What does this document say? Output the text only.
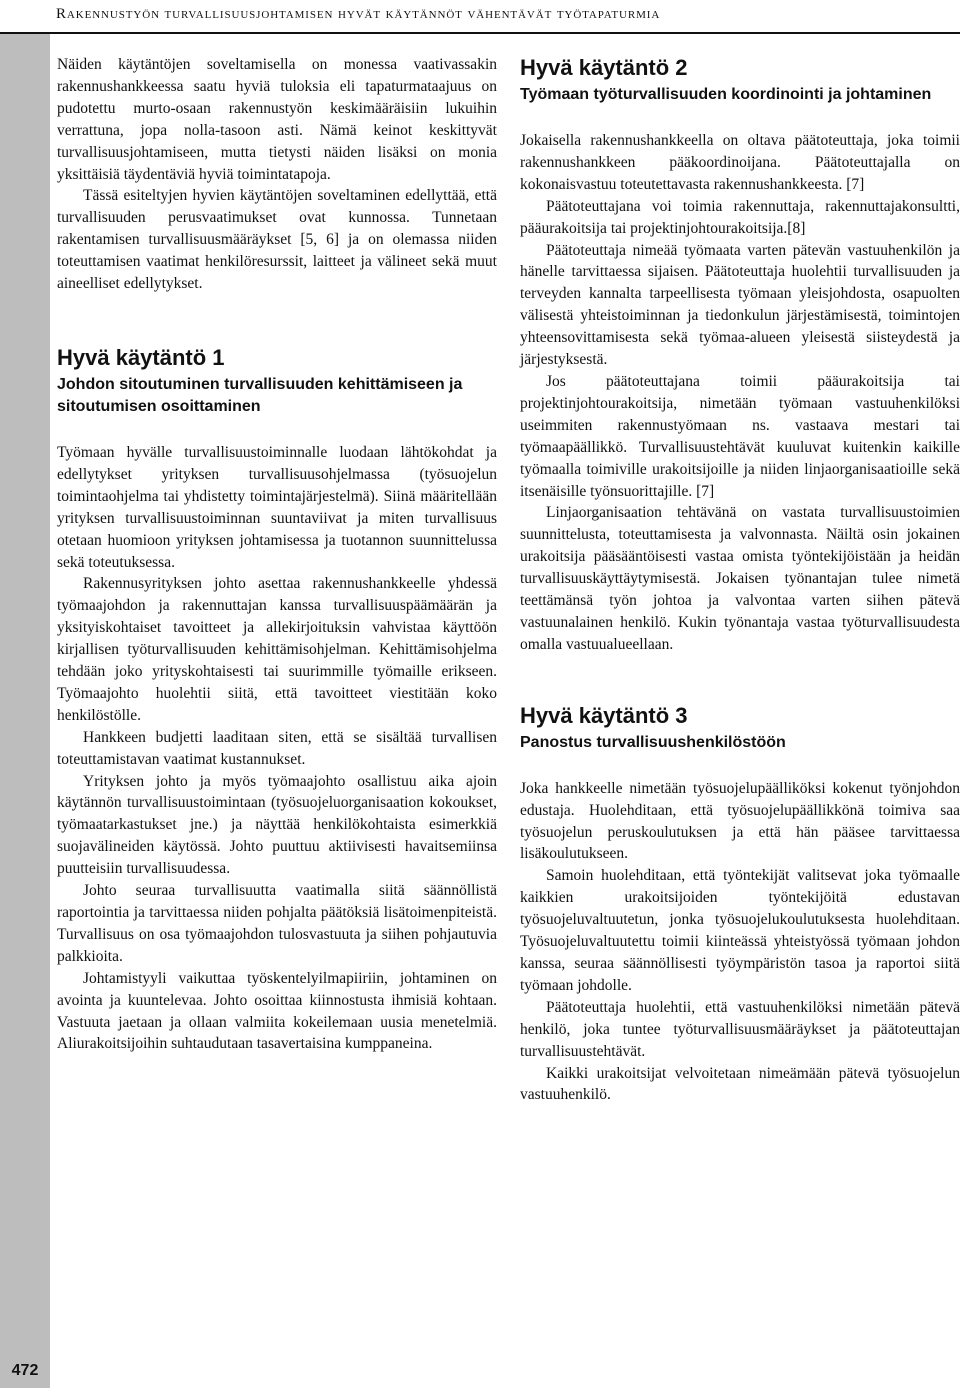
Rakennustyön turvallisuusjohtamisen hyvät käytännöt vähentävät työtapaturmia
472

Näiden käytäntöjen soveltamisella on monessa vaativassakin rakennushankkeessa saatu hyviä tuloksia eli tapaturmataajuus on pudotettu murto-osaan rakennustyön keskimääräisiin lukuihin verrattuna, jopa nolla-tasoon asti. Nämä keinot keskittyvät turvallisuusjohtamiseen, mutta tietysti näiden lisäksi on monia yksittäisiä täydentäviä hyviä toimintatapoja.

Tässä esiteltyjen hyvien käytäntöjen soveltaminen edellyttää, että turvallisuuden perusvaatimukset ovat kunnossa. Tunnetaan rakentamisen turvallisuusmääräykset [5, 6] ja on olemassa niiden toteuttamisen vaatimat henkilöresurssit, laitteet ja välineet sekä muut aineelliset edellytykset.

Hyvä käytäntö 1
Johdon sitoutuminen turvallisuuden kehittämiseen ja sitoutumisen osoittaminen

Työmaan hyvälle turvallisuustoiminnalle luodaan lähtökohdat ja edellytykset yrityksen turvallisuusohjelmassa (työsuojelun toimintaohjelma tai yhdistetty toimintajärjestelmä). Siinä määritellään yrityksen turvallisuustoiminnan suuntaviivat ja miten turvallisuus otetaan huomioon yrityksen johtamisessa ja tuotannon suunnittelussa sekä toteutuksessa.

Rakennusyrityksen johto asettaa rakennushankkeelle yhdessä työmaajohdon ja rakennuttajan kanssa turvallisuuspäämäärän ja yksityiskohtaiset tavoitteet ja allekirjoituksin vahvistaa käyttöön kirjallisen työturvallisuuden kehittämisohjelman. Kehittämisohjelma tehdään joko yrityskohtaisesti tai suurimmille työmaille erikseen. Työmaajohto huolehtii siitä, että tavoitteet viestitään koko henkilöstölle.

Hankkeen budjetti laaditaan siten, että se sisältää turvallisen toteuttamistavan vaatimat kustannukset.

Yrityksen johto ja myös työmaajohto osallistuu aika ajoin käytännön turvallisuustoimintaan (työsuojeluorganisaation kokoukset, työmaatarkastukset jne.) ja näyttää henkilökohtaista esimerkkiä suojavälineiden käytössä. Johto puuttuu aktiivisesti havaitsemiinsa puutteisiin turvallisuudessa.

Johto seuraa turvallisuutta vaatimalla siitä säännöllistä raportointia ja tarvittaessa niiden pohjalta päätöksiä lisätoimenpiteistä. Turvallisuus on osa työmaajohdon tulosvastuuta ja siihen pohjautuvia palkkioita.

Johtamistyyli vaikuttaa työskentelyilmapiiriin, johtaminen on avointa ja kuuntelevaa. Johto osoittaa kiinnostusta ihmisiä kohtaan. Vastuuta jaetaan ja ollaan valmiita kokeilemaan uusia menetelmiä. Aliurakoitsijoihin suhtaudutaan tasavertaisina kumppaneina.

Hyvä käytäntö 2
Työmaan työturvallisuuden koordinointi ja johtaminen

Jokaisella rakennushankkeella on oltava päätoteuttaja, joka toimii rakennushankkeen pääkoordinoijana. Päätoteuttajalla on kokonaisvastuu toteutettavasta rakennushankkeesta. [7]

Päätoteuttajana voi toimia rakennuttaja, rakennuttajakonsultti, pääurakoitsija tai projektinjohtourakoitsija.[8]

Päätoteuttaja nimeää työmaata varten pätevän vastuuhenkilön ja hänelle tarvittaessa sijaisen. Päätoteuttaja huolehtii turvallisuuden ja terveyden kannalta tarpeellisesta työmaan yleisjohdosta, osapuolten välisestä yhteistoiminnan ja tiedonkulun järjestämisestä, toimintojen yhteensovittamisesta sekä työmaa-alueen yleisestä siisteydestä ja järjestyksestä.

Jos päätoteuttajana toimii pääurakoitsija tai projektinjohtourakoitsija, nimetään työmaan vastuuhenkilöksi useimmiten rakennustyömaan ns. vastaava mestari tai työmaapäällikkö. Turvallisuustehtävät kuuluvat kuitenkin kaikille työmaalla toimiville urakoitsijoille ja niiden linjaorganisaatioille sekä itsenäisille työnsuorittajille. [7]

Linjaorganisaation tehtävänä on vastata turvallisuustoimien suunnittelusta, toteuttamisesta ja valvonnasta. Näiltä osin jokainen urakoitsija pääsääntöisesti vastaa omista työntekijöistään ja heidän turvallisuuskäyttäytymisestä. Jokaisen työnantajan tulee nimetä teettämänsä työn johtoa ja valvontaa varten siihen pätevä vastuunalainen henkilö. Kukin työnantaja vastaa työturvallisuudesta omalla vastuualueellaan.

Hyvä käytäntö 3
Panostus turvallisuushenkilöstöön

Joka hankkeelle nimetään työsuojelupäälliköksi kokenut työnjohdon edustaja. Huolehditaan, että työsuojelupäällikkönä toimiva saa työsuojelun peruskoulutuksen ja että hän pääsee tarvittaessa lisäkoulutukseen.

Samoin huolehditaan, että työntekijät valitsevat joka työmaalle kaikkien urakoitsijoiden työntekijöitä edustavan työsuojeluvaltuutetun, jonka työsuojelukoulutuksesta huolehditaan. Työsuojeluvaltuutettu toimii kiinteässä yhteistyössä työmaan johdon kanssa, seuraa säännöllisesti työympäristön tasoa ja raportoi siitä työmaan johdolle.

Päätoteuttaja huolehtii, että vastuuhenkilöksi nimetään pätevä henkilö, joka tuntee työturvallisuusmääräykset ja päätoteuttajan turvallisuustehtävät.

Kaikki urakoitsijat velvoitetaan nimeämään pätevä työsuojelun vastuuhenkilö.
